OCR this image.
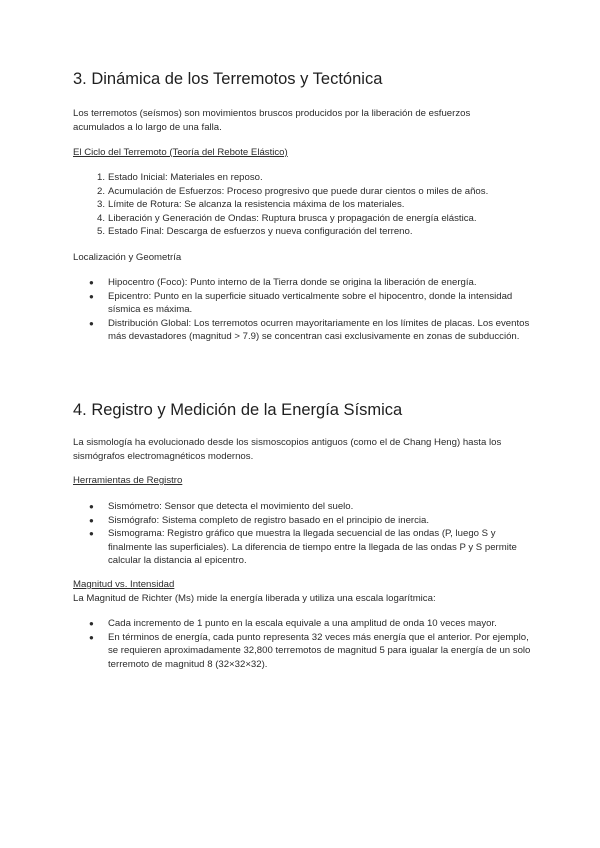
3. Dinámica de los Terremotos y Tectónica

Los terremotos (seísmos) son movimientos bruscos producidos por la liberación de esfuerzos acumulados a lo largo de una falla.

El Ciclo del Terremoto (Teoría del Rebote Elástico)

1. Estado Inicial: Materiales en reposo.
2. Acumulación de Esfuerzos: Proceso progresivo que puede durar cientos o miles de años.
3. Límite de Rotura: Se alcanza la resistencia máxima de los materiales.
4. Liberación y Generación de Ondas: Ruptura brusca y propagación de energía elástica.
5. Estado Final: Descarga de esfuerzos y nueva configuración del terreno.

Localización y Geometría

●	Hipocentro (Foco): Punto interno de la Tierra donde se origina la liberación de energía.
●	Epicentro: Punto en la superficie situado verticalmente sobre el hipocentro, donde la intensidad sísmica es máxima.
●	Distribución Global: Los terremotos ocurren mayoritariamente en los límites de placas. Los eventos más devastadores (magnitud > 7.9) se concentran casi exclusivamente en zonas de subducción.
4. Registro y Medición de la Energía Sísmica

La sismología ha evolucionado desde los sismoscopios antiguos (como el de Chang Heng) hasta los sismógrafos electromagnéticos modernos.

Herramientas de Registro

●	Sismómetro: Sensor que detecta el movimiento del suelo.
●	Sismógrafo: Sistema completo de registro basado en el principio de inercia.
●	Sismograma: Registro gráfico que muestra la llegada secuencial de las ondas (P, luego S y finalmente las superficiales). La diferencia de tiempo entre la llegada de las ondas P y S permite calcular la distancia al epicentro.

Magnitud vs. Intensidad

La Magnitud de Richter (Ms) mide la energía liberada y utiliza una escala logarítmica:

●	Cada incremento de 1 punto en la escala equivale a una amplitud de onda 10 veces mayor.
●	En términos de energía, cada punto representa 32 veces más energía que el anterior. Por ejemplo, se requieren aproximadamente 32,800 terremotos de magnitud 5 para igualar la energía de un solo terremoto de magnitud 8 (32×32×32).
